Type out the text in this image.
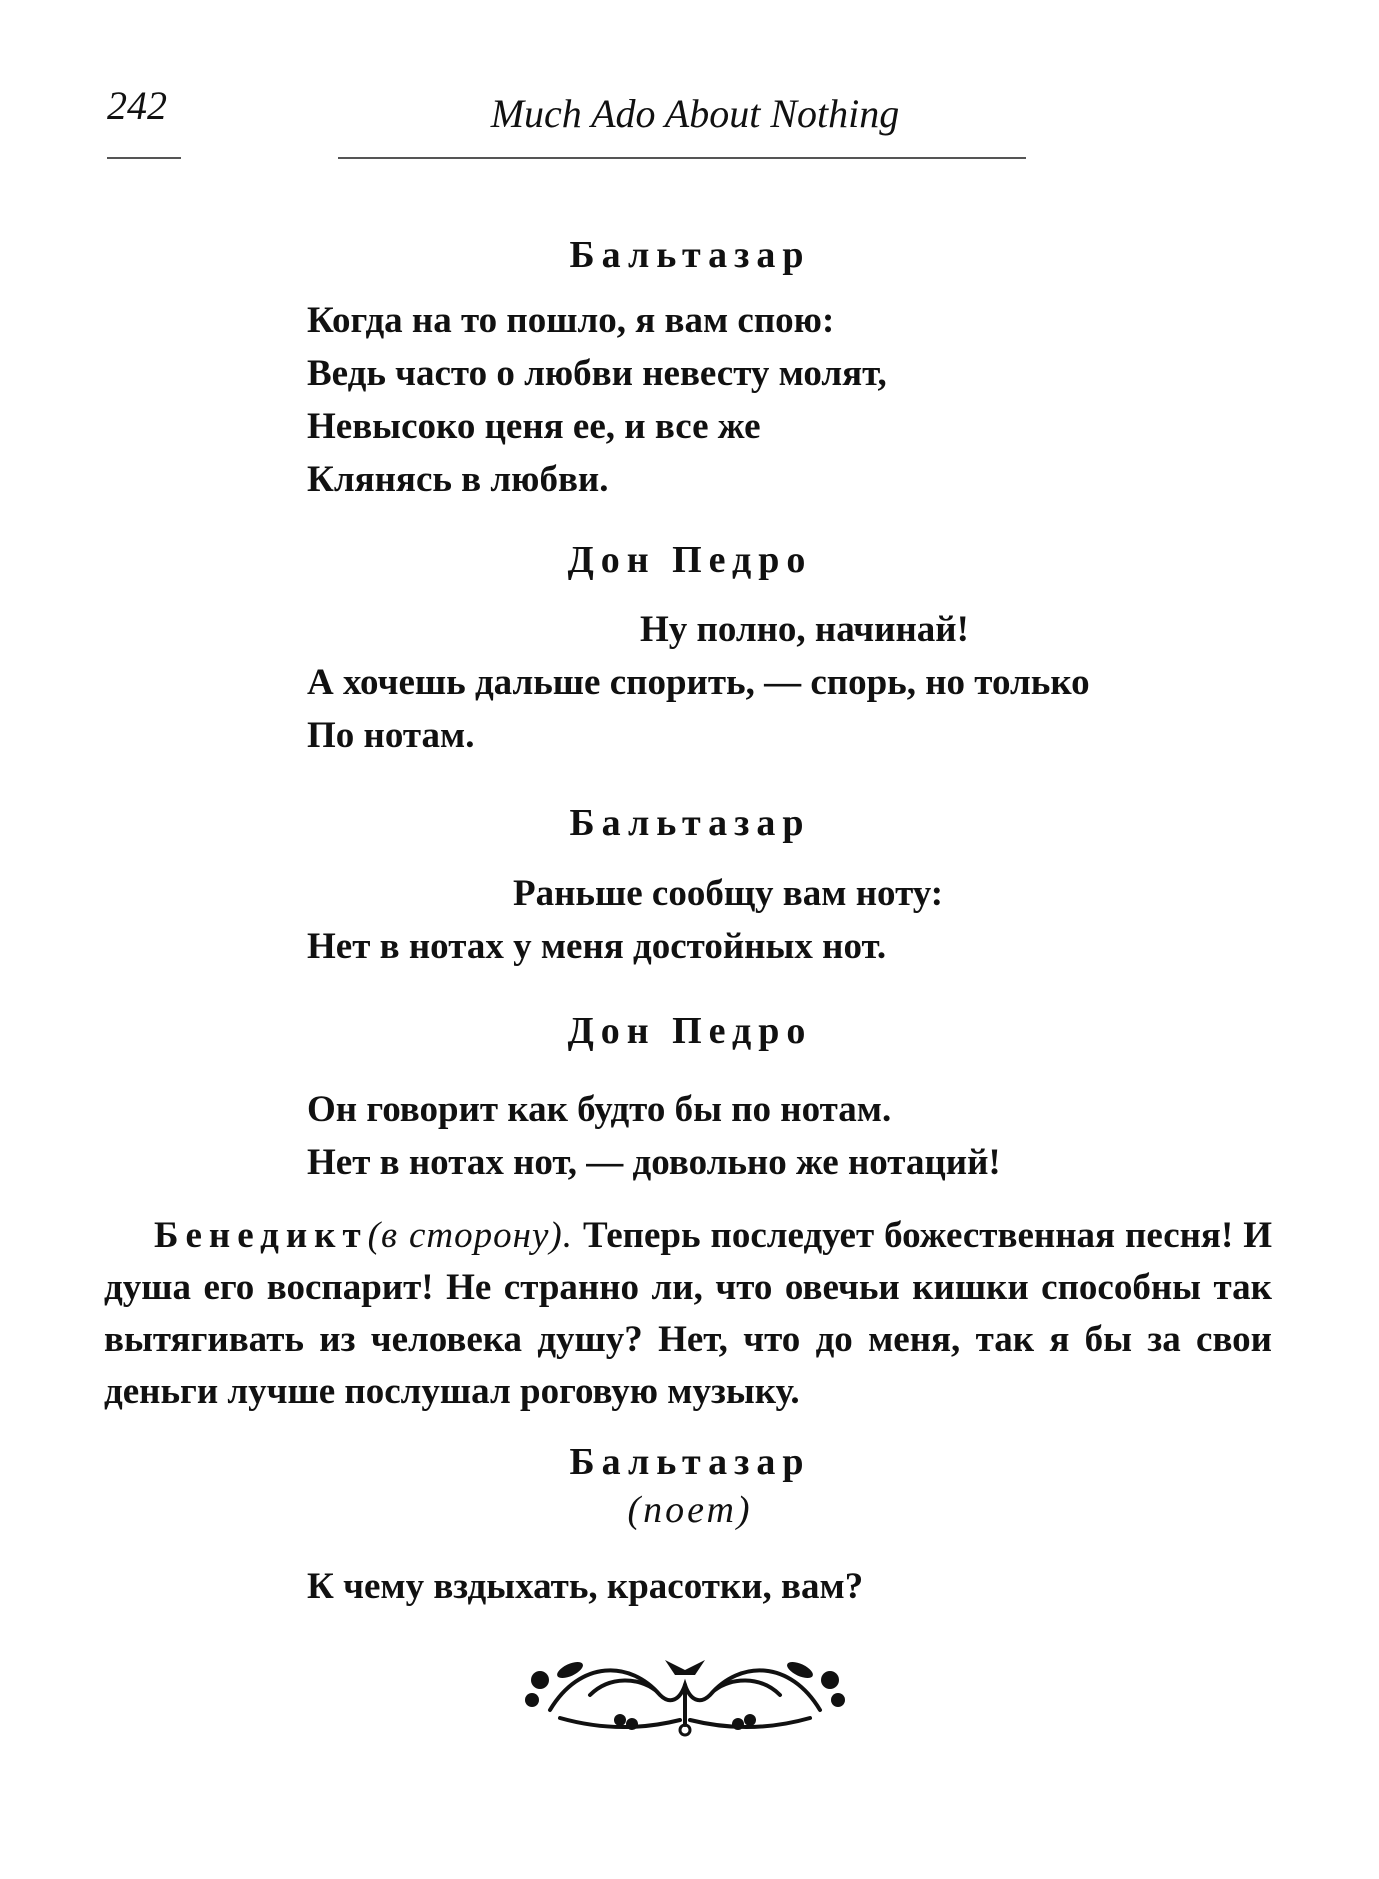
242	Much Ado About Nothing
Бальтазар
Когда на то пошло, я вам спою:
Ведь часто о любви невесту молят,
Невысоко ценя ее, и все же
Клянясь в любви.
Дон Педро
Ну полно, начинай!
А хочешь дальше спорить, — спорь, но только
По нотам.
Бальтазар
Раньше сообщу вам ноту:
Нет в нотах у меня достойных нот.
Дон Педро
Он говорит как будто бы по нотам.
Нет в нотах нот, — довольно же нотаций!
Бенедикт(в сторону). Теперь последует божественная песня! И душа его воспарит! Не странно ли, что овечьи кишки способны так вытягивать из человека душу? Нет, что до меня, так я бы за свои деньги лучше послушал роговую музыку.
Бальтазар
(поет)
К чему вздыхать, красотки, вам?
